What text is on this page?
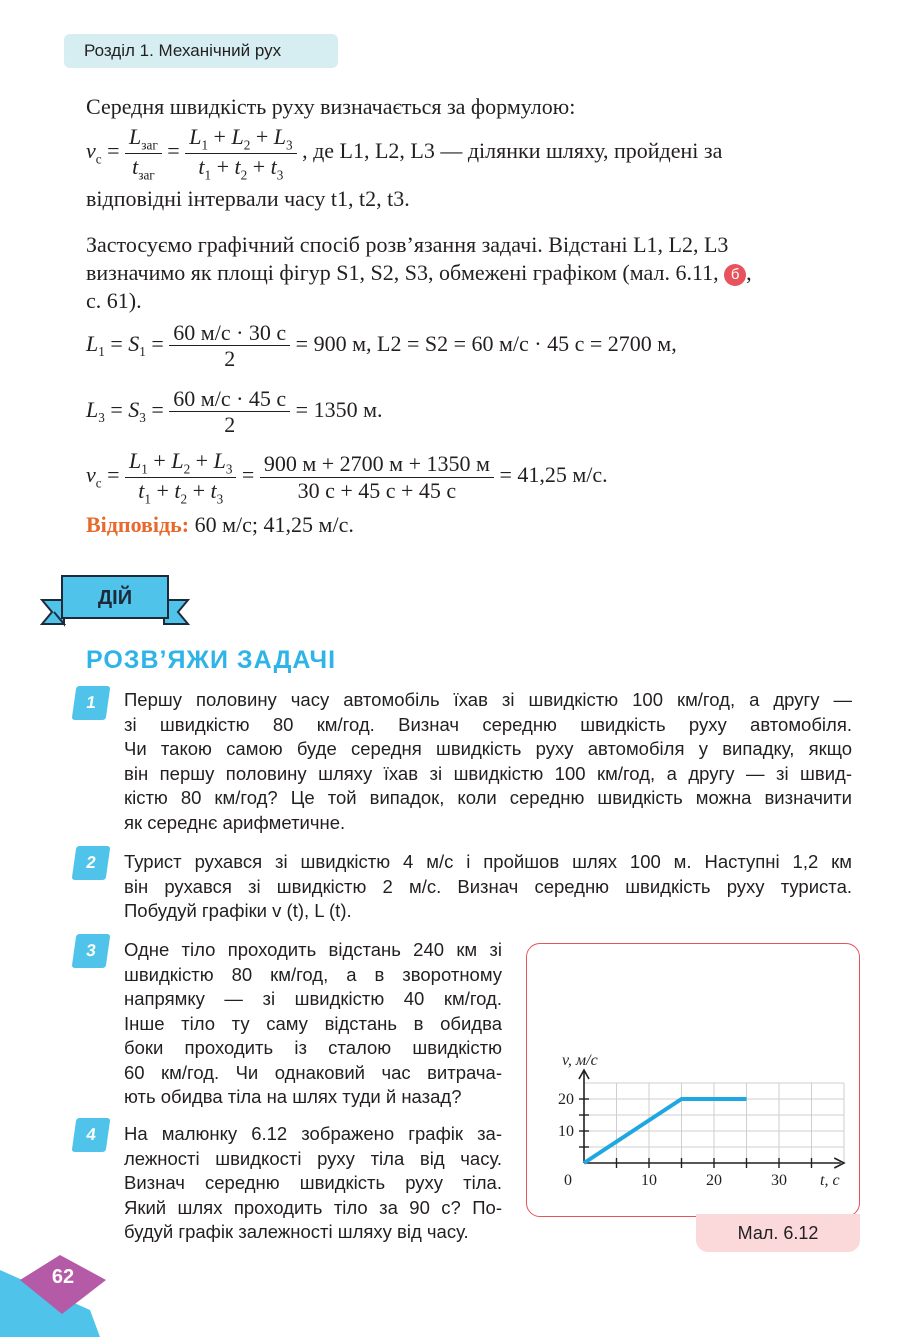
Розділ 1. Механічний рух
Середня швидкість руху визначається за формулою:
$v_с = \frac{L_{заг}}{t_{заг}} = \frac{L_1 + L_2 + L_3}{t_1 + t_2 + t_3}$ , де L1, L2, L3 — ділянки шляху, пройдені за
відповідні інтервали часу t1, t2, t3.
Застосуємо графічний спосіб розв’язання задачі. Відстані L1, L2, L3
визначимо як площі фігур S1, S2, S3, обмежені графіком (мал. 6.11, б ,
с. 61).
$L_1 = S_1 = \frac{60 м/с \cdot 30 с}{2} = 900$ м, L2 = S2 = 60 м/с · 45 с = 2700 м,
$L_3 = S_3 = \frac{60 м/с \cdot 45 с}{2} = 1350$ м.
$v_с = \frac{L_1 + L_2 + L_3}{t_1 + t_2 + t_3} = \frac{900 м + 2700 м + 1350 м}{30 с + 45 с + 45 с} = 41,25$ м/с.
Відповідь: 60 м/с; 41,25 м/с.
ДІЙ
РОЗВ’ЯЖИ ЗАДАЧІ
1	Першу половину часу автомобіль їхав зі швидкістю 100 км/год, а другу —
зі швидкістю 80 км/год. Визнач середню швидкість руху автомобіля.
Чи такою самою буде середня швидкість руху автомобіля у випадку, якщо
він першу половину шляху їхав зі швидкістю 100 км/год, а другу — зі швид-
кістю 80 км/год? Це той випадок, коли середню швидкість можна визначити
як середнє арифметичне.
2	Турист рухався зі швидкістю 4 м/с і пройшов шлях 100 м. Наступні 1,2 км
він рухався зі швидкістю 2 м/с. Визнач середню швидкість руху туриста.
Побудуй графіки v (t), L (t).
3	Одне тіло проходить відстань 240 км зі
швидкістю 80 км/год, а в зворотному
напрямку — зі швидкістю 40 км/год.
Інше тіло ту саму відстань в обидва
боки проходить із сталою швидкістю
60 км/год. Чи однаковий час витрача-
ють обидва тіла на шлях туди й назад?
4	На малюнку 6.12 зображено графік за-
лежності швидкості руху тіла від часу.
Визнач середню швидкість руху тіла.
Який шлях проходить тіло за 90 с? По-
будуй графік залежності шляху від часу.
0	10	20	30
10
20
v, м/с
t, с
Мал. 6.12
62
